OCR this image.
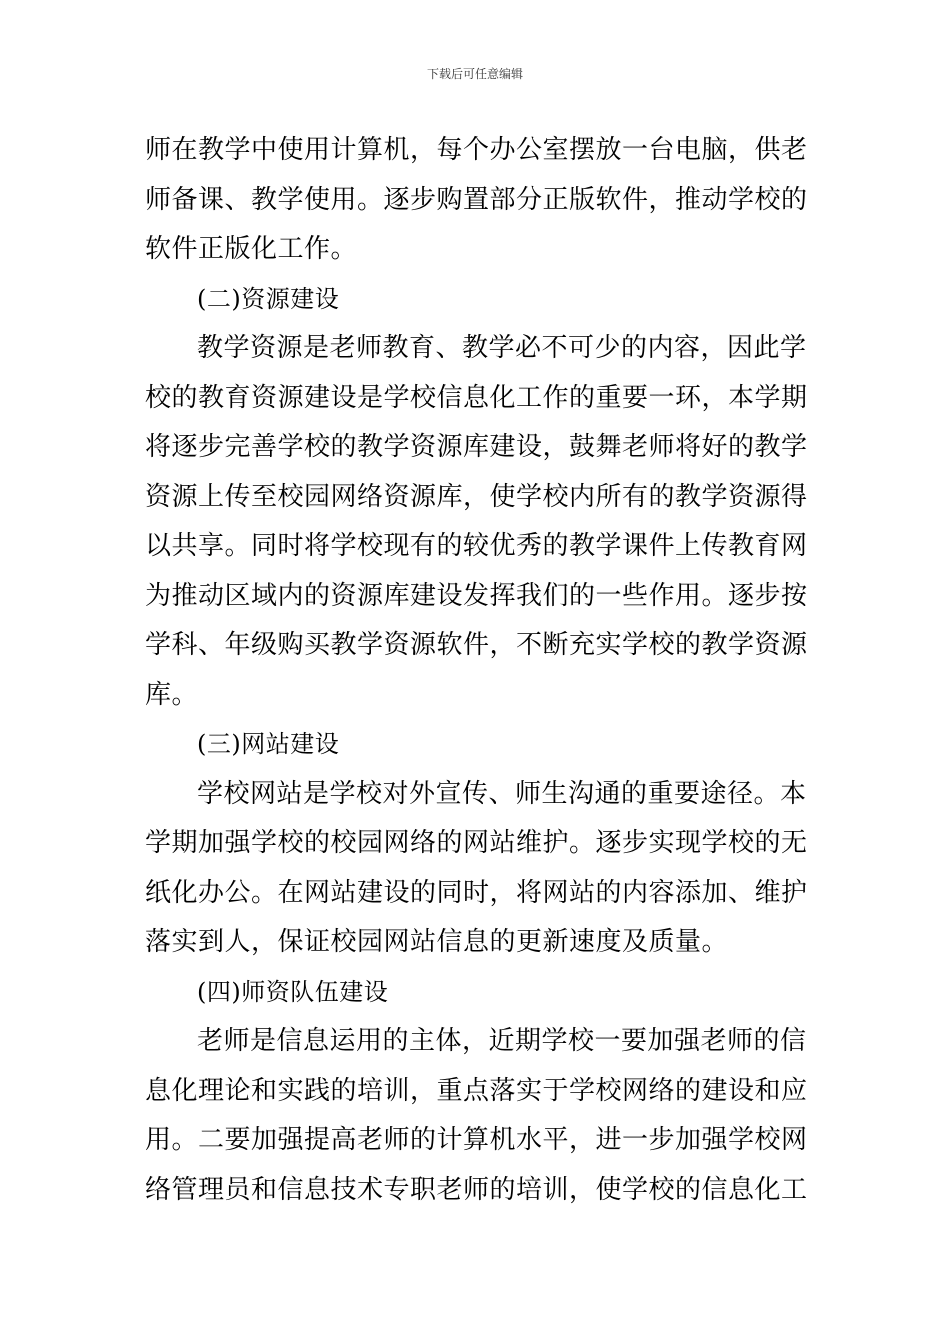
下载后可任意编辑
师在教学中使用计算机，每个办公室摆放一台电脑，供老
师备课、教学使用。逐步购置部分正版软件，推动学校的
软件正版化工作。
(二)资源建设
教学资源是老师教育、教学必不可少的内容，因此学
校的教育资源建设是学校信息化工作的重要一环，本学期
将逐步完善学校的教学资源库建设，鼓舞老师将好的教学
资源上传至校园网络资源库，使学校内所有的教学资源得
以共享。同时将学校现有的较优秀的教学课件上传教育网
为推动区域内的资源库建设发挥我们的一些作用。逐步按
学科、年级购买教学资源软件，不断充实学校的教学资源
库。
(三)网站建设
学校网站是学校对外宣传、师生沟通的重要途径。本
学期加强学校的校园网络的网站维护。逐步实现学校的无
纸化办公。在网站建设的同时，将网站的内容添加、维护
落实到人，保证校园网站信息的更新速度及质量。
(四)师资队伍建设
老师是信息运用的主体，近期学校一要加强老师的信
息化理论和实践的培训，重点落实于学校网络的建设和应
用。二要加强提高老师的计算机水平，进一步加强学校网
络管理员和信息技术专职老师的培训，使学校的信息化工
